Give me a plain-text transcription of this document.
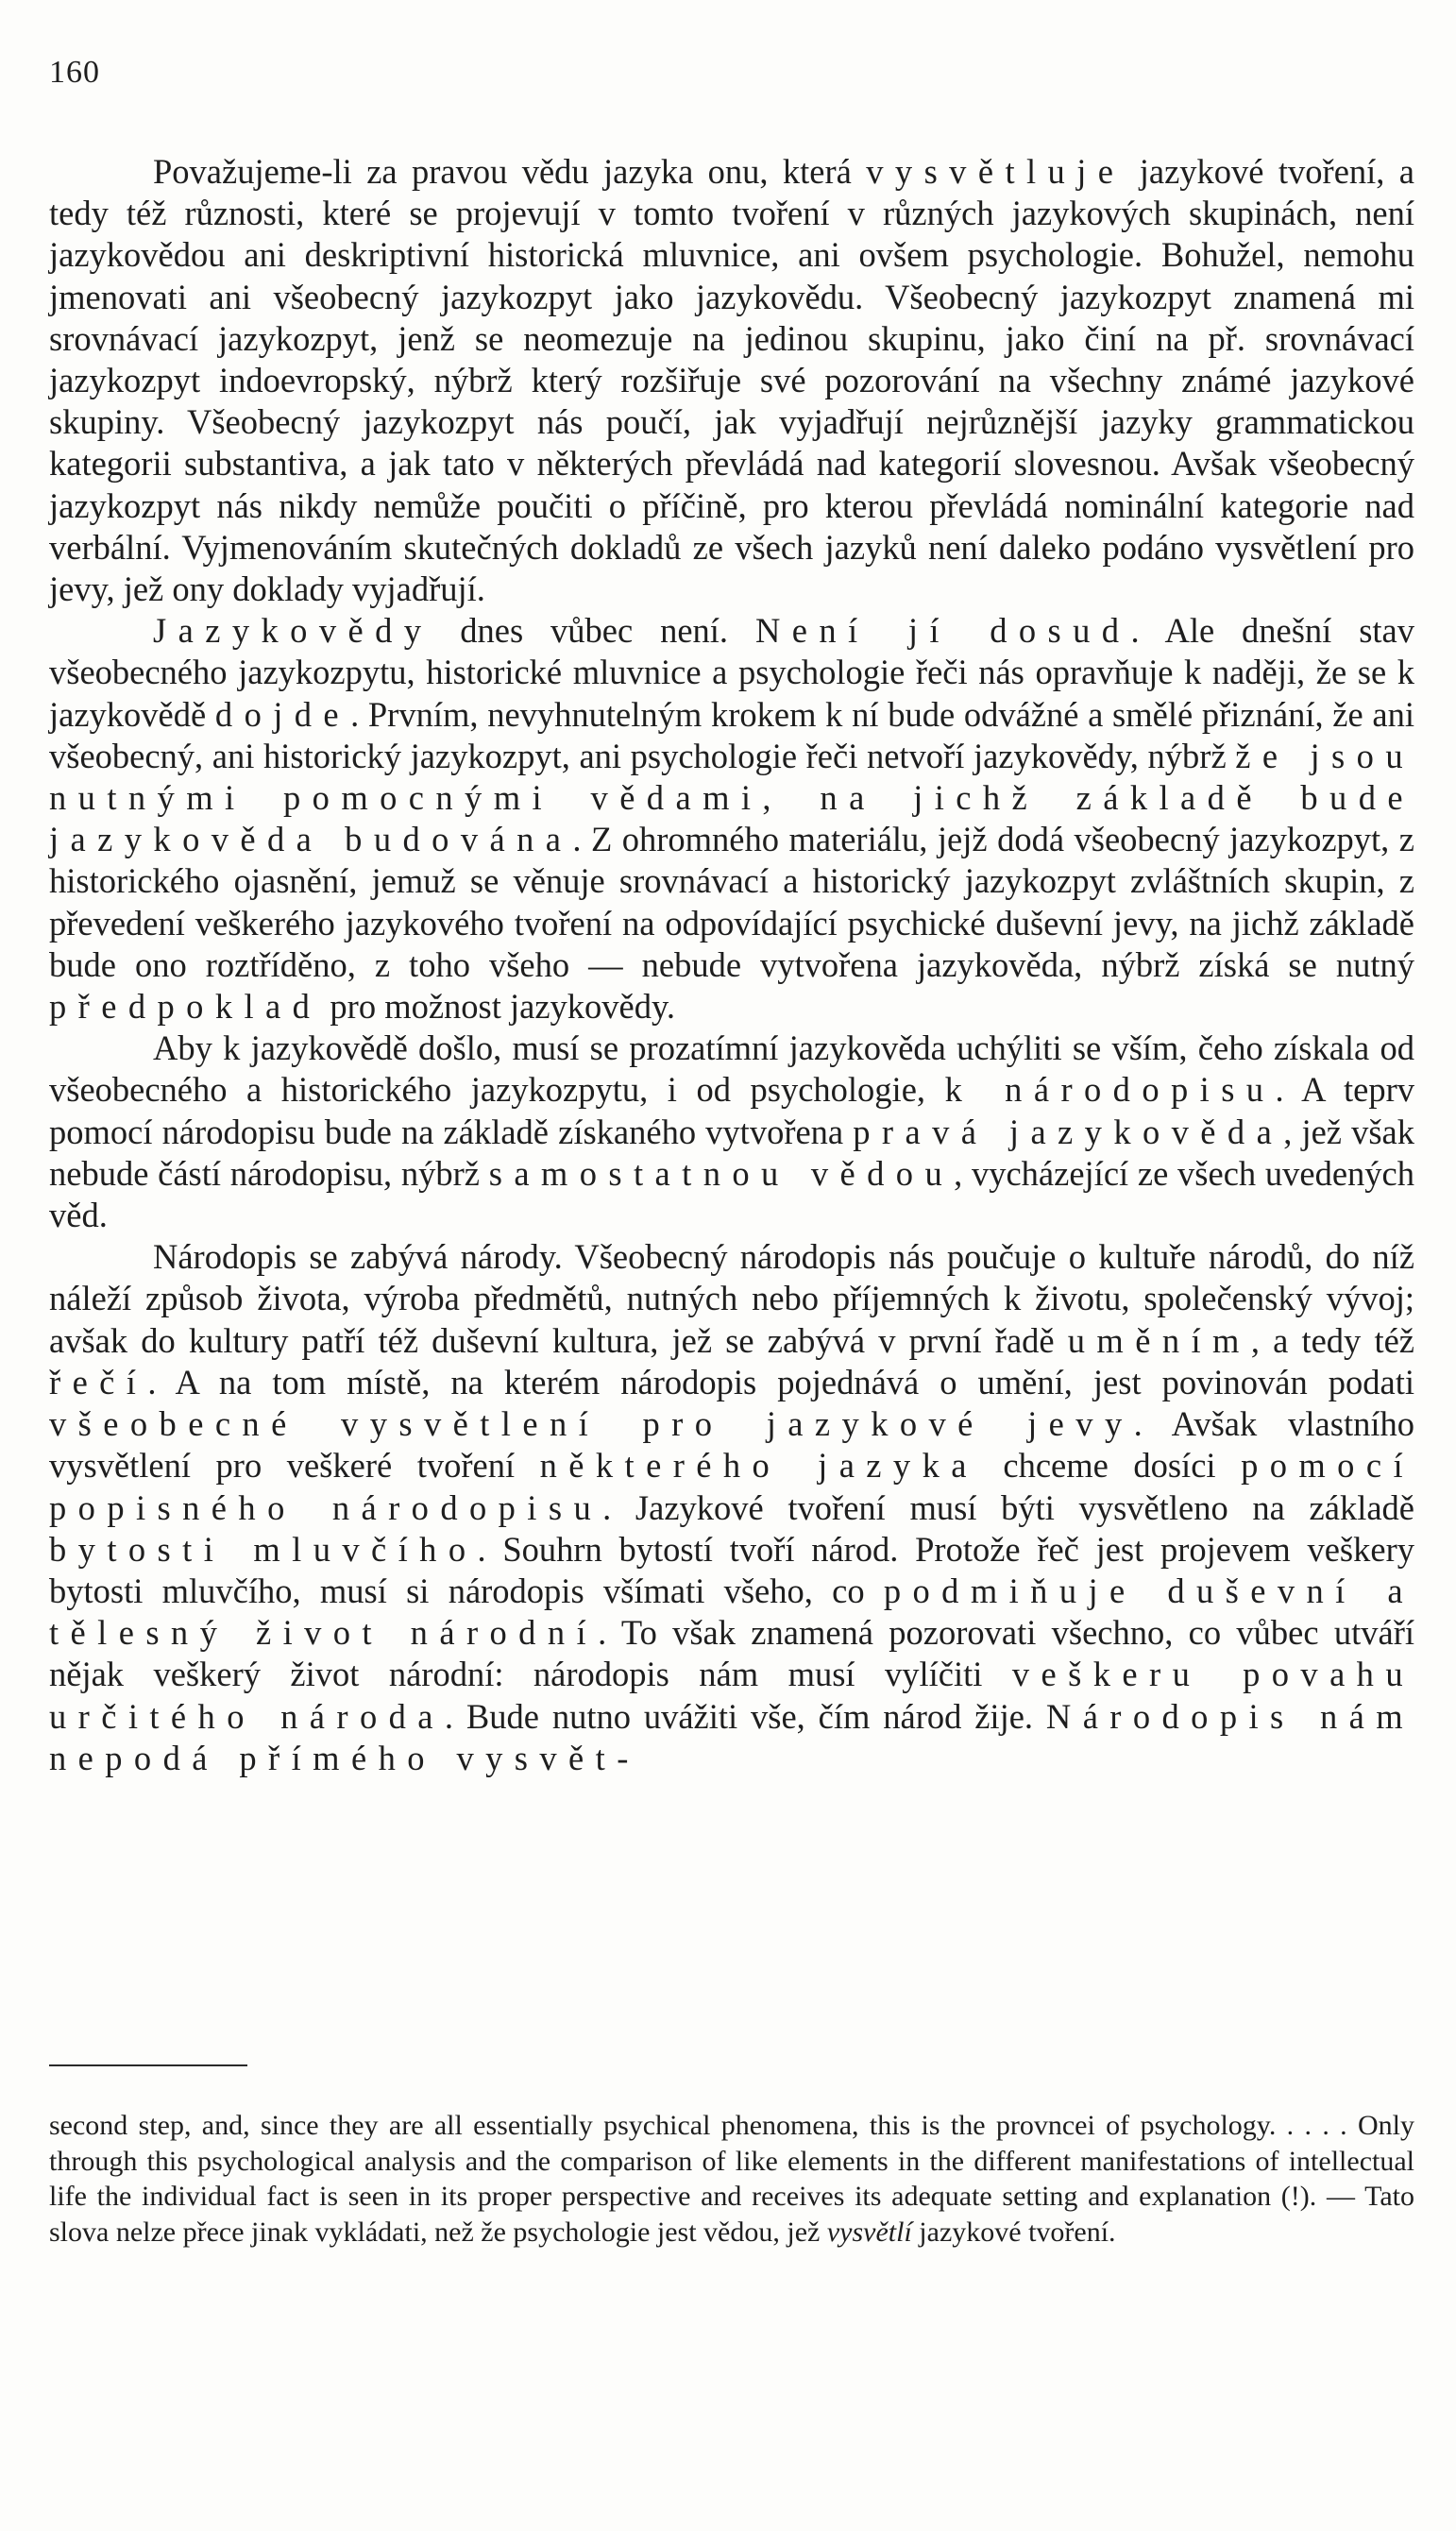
160

Považujeme-li za pravou vědu jazyka onu, která vysvětluje jazykové tvoření, a tedy též různosti, které se projevují v tomto tvoření v různých jazykových skupinách, není jazykovědou ani deskriptivní historická mluvnice, ani ovšem psychologie. Bohužel, nemohu jmenovati ani všeobecný jazykozpyt jako jazykovědu. Všeobecný jazykozpyt znamená mi srovnávací jazykozpyt, jenž se neomezuje na jedinou skupinu, jako činí na př. srovnávací jazykozpyt indoevropský, nýbrž který rozšiřuje své pozorování na všechny známé jazykové skupiny. Všeobecný jazykozpyt nás poučí, jak vyjadřují nejrůznější jazyky grammatickou kategorii substantiva, a jak tato v některých převládá nad kategorií slovesnou. Avšak všeobecný jazykozpyt nás nikdy nemůže poučiti o příčině, pro kterou převládá nominální kategorie nad verbální. Vyjmenováním skutečných dokladů ze všech jazyků není daleko podáno vysvětlení pro jevy, jež ony doklady vyjadřují.

Jazykovědy dnes vůbec není. Není jí dosud. Ale dnešní stav všeobecného jazykozpytu, historické mluvnice a psychologie řeči nás opravňuje k naději, že se k jazykovědě dojde. Prvním, nevyhnutelným krokem k ní bude odvážné a smělé přiznání, že ani všeobecný, ani historický jazykozpyt, ani psychologie řeči netvoří jazykovědy, nýbrž že jsou nutnými pomocnými vědami, na jichž základě bude jazykověda budována. Z ohromného materiálu, jejž dodá všeobecný jazykozpyt, z historického ojasnění, jemuž se věnuje srovnávací a historický jazykozpyt zvláštních skupin, z převedení veškerého jazykového tvoření na odpovídající psychické duševní jevy, na jichž základě bude ono roztříděno, z toho všeho — nebude vytvořena jazykověda, nýbrž získá se nutný předpoklad pro možnost jazykovědy.

Aby k jazykovědě došlo, musí se prozatímní jazykověda uchýliti se vším, čeho získala od všeobecného a historického jazykozpytu, i od psychologie, k národopisu. A teprv pomocí národopisu bude na základě získaného vytvořena pravá jazykověda, jež však nebude částí národopisu, nýbrž samostatnou vědou, vycházející ze všech uvedených věd.

Národopis se zabývá národy. Všeobecný národopis nás poučuje o kultuře národů, do níž náleží způsob života, výroba předmětů, nutných nebo příjemných k životu, společenský vývoj; avšak do kultury patří též duševní kultura, jež se zabývá v první řadě uměním, a tedy též řečí. A na tom místě, na kterém národopis pojednává o umění, jest povinován podati všeobecné vysvětlení pro jazykové jevy. Avšak vlastního vysvětlení pro veškeré tvoření některého jazyka chceme dosíci pomocí popisného národopisu. Jazykové tvoření musí býti vysvětleno na základě bytosti mluvčího. Souhrn bytostí tvoří národ. Protože řeč jest projevem veškery bytosti mluvčího, musí si národopis všímati všeho, co podmiňuje duševní a tělesný život národní. To však znamená pozorovati všechno, co vůbec utváří nějak veškerý život národní: národopis nám musí vylíčiti veškeru povahu určitého národa. Bude nutno uvážiti vše, čím národ žije. Národopis nám nepodá přímého vysvět-

second step, and, since they are all essentially psychical phenomena, this is the provncei of psychology. . . . . Only through this psychological analysis and the comparison of like elements in the different manifestations of intellectual life the individual fact is seen in its proper perspective and receives its adequate setting and explanation (!). — Tato slova nelze přece jinak vykládati, než že psychologie jest vědou, jež vysvětlí jazykové tvoření.
